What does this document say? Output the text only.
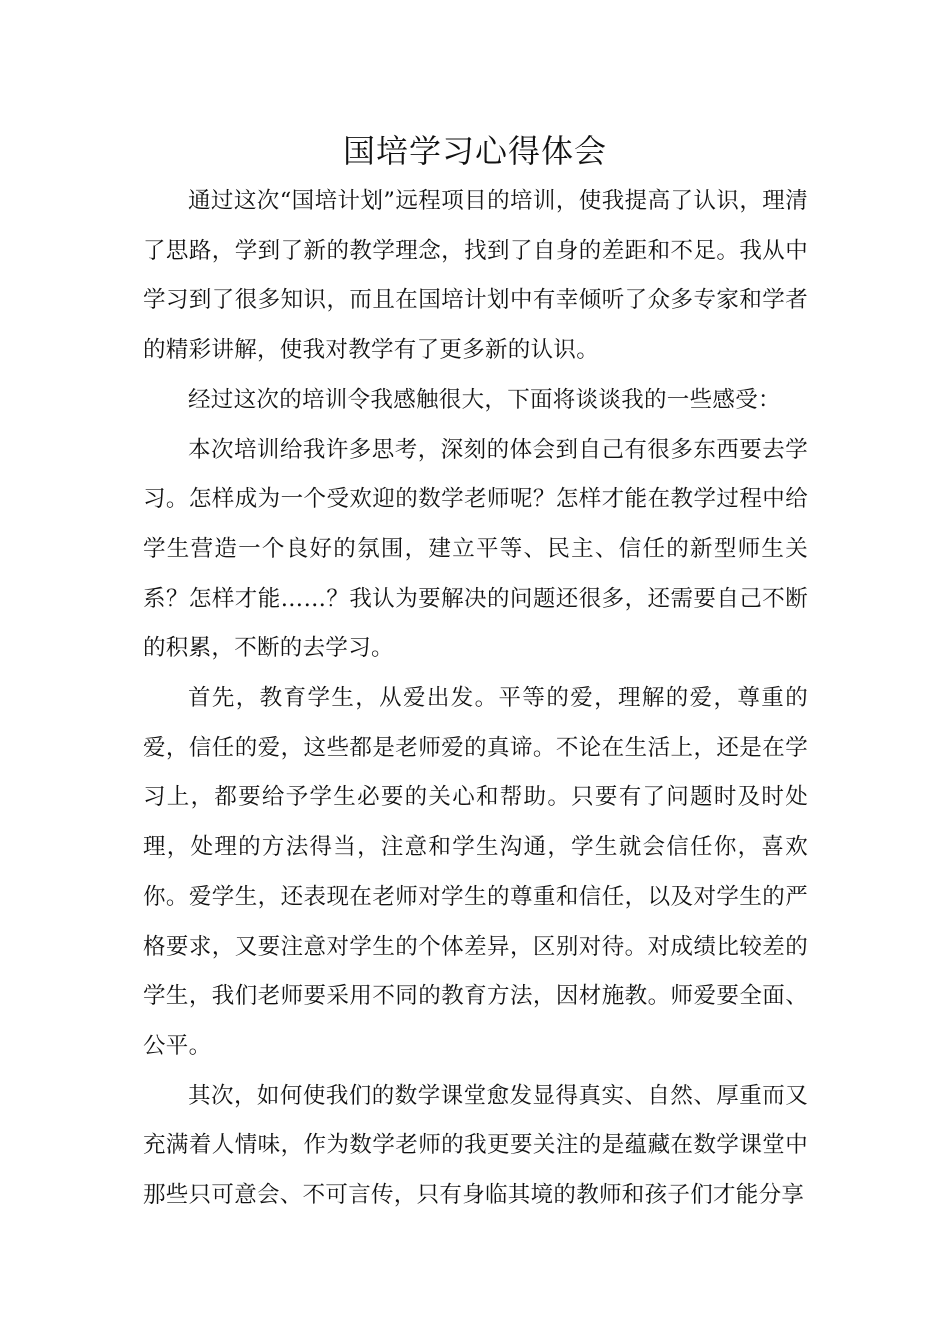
国培学习心得体会

通过这次“国培计划”远程项目的培训，使我提高了认识，理清了思路，学到了新的教学理念，找到了自身的差距和不足。我从中学习到了很多知识，而且在国培计划中有幸倾听了众多专家和学者的精彩讲解，使我对教学有了更多新的认识。

经过这次的培训令我感触很大，下面将谈谈我的一些感受：

本次培训给我许多思考，深刻的体会到自己有很多东西要去学习。怎样成为一个受欢迎的数学老师呢？怎样才能在教学过程中给学生营造一个良好的氛围，建立平等、民主、信任的新型师生关系？怎样才能……？我认为要解决的问题还很多，还需要自己不断的积累，不断的去学习。

首先，教育学生，从爱出发。平等的爱，理解的爱，尊重的爱，信任的爱，这些都是老师爱的真谛。不论在生活上，还是在学习上，都要给予学生必要的关心和帮助。只要有了问题时及时处理，处理的方法得当，注意和学生沟通，学生就会信任你，喜欢你。爱学生，还表现在老师对学生的尊重和信任，以及对学生的严格要求，又要注意对学生的个体差异，区别对待。对成绩比较差的学生，我们老师要采用不同的教育方法，因材施教。师爱要全面、公平。

其次，如何使我们的数学课堂愈发显得真实、自然、厚重而又充满着人情味，作为数学老师的我更要关注的是蕴藏在数学课堂中那些只可意会、不可言传，只有身临其境的教师和孩子们才能分享
